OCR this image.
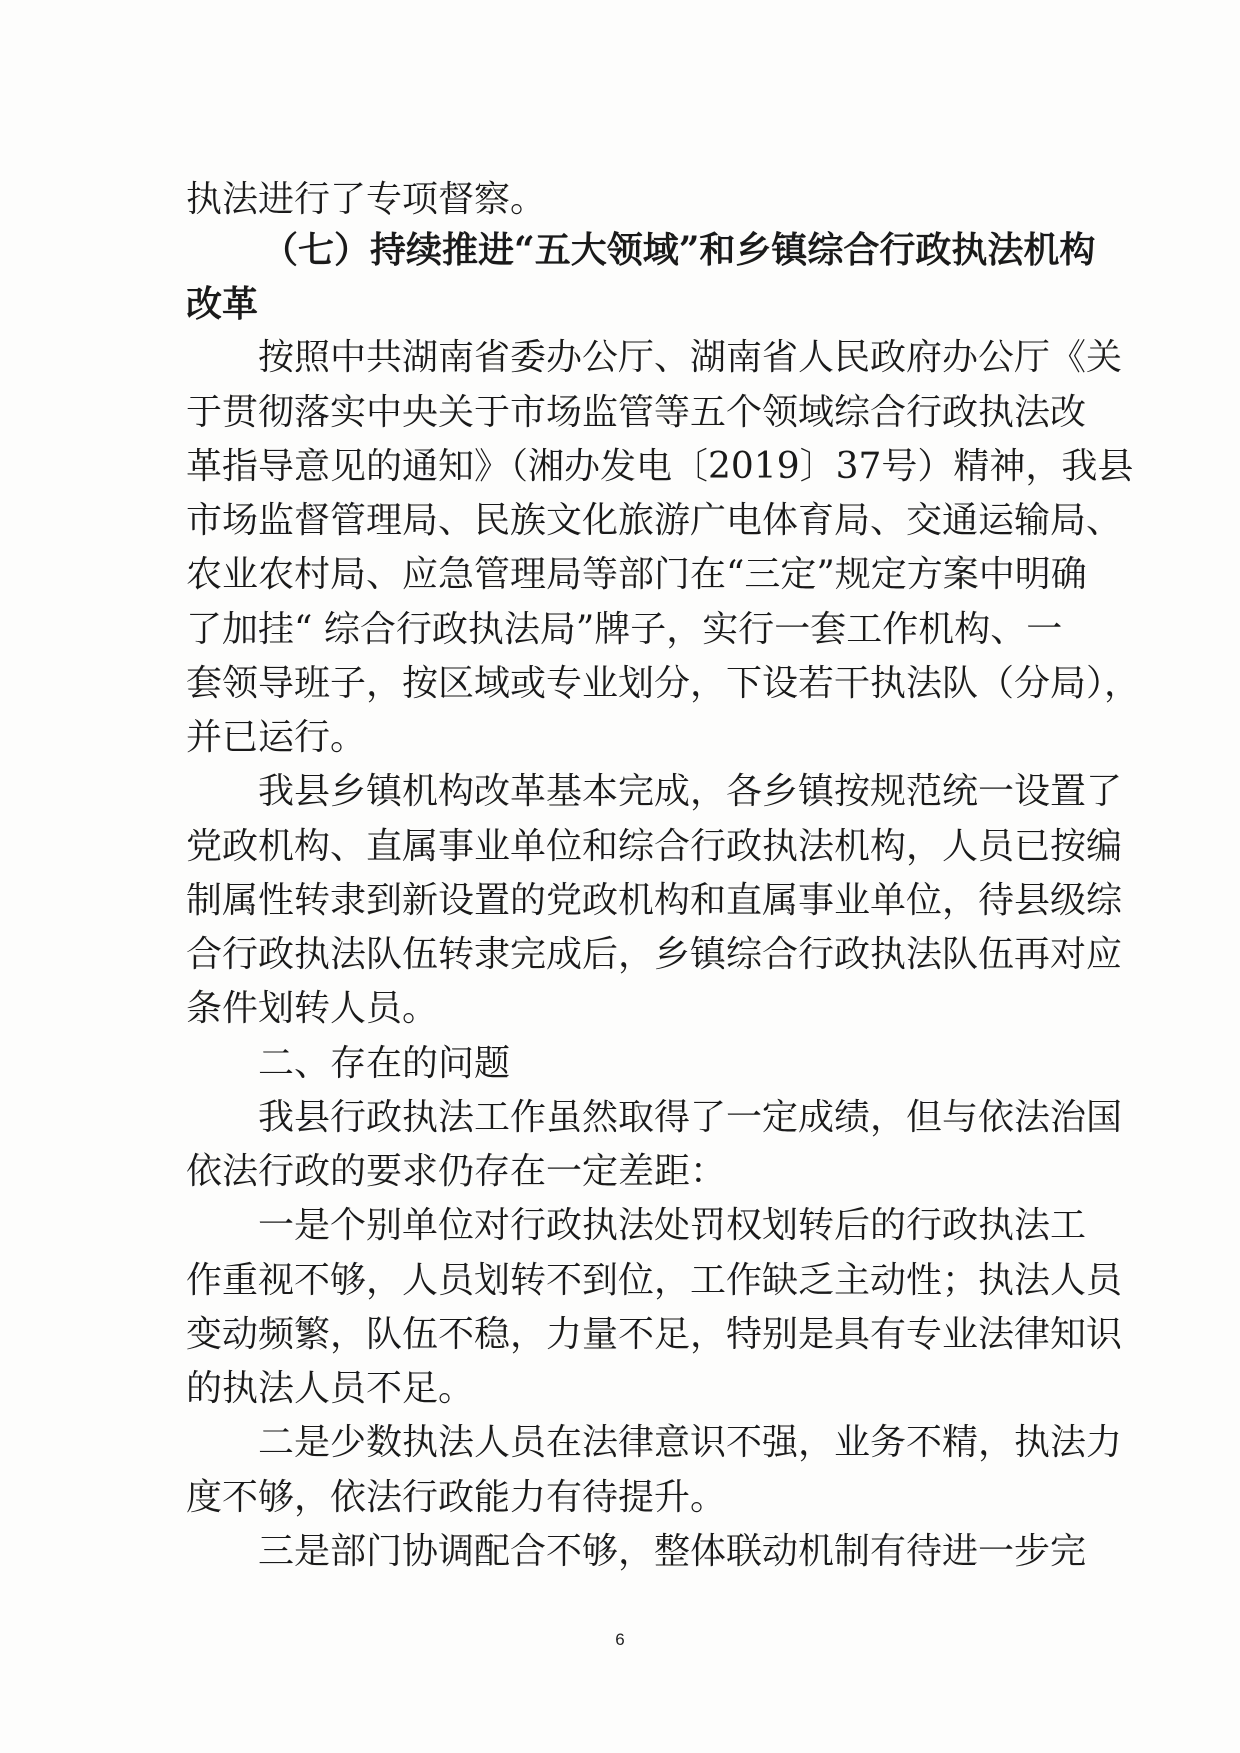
执法进行了专项督察。
（七）持续推进“五大领域”和乡镇综合行政执法机构
改革
按照中共湖南省委办公厅、湖南省人民政府办公厅《关
于贯彻落实中央关于市场监管等五个领域综合行政执法改
革指导意见的通知》（湘办发电〔2019〕37号）精神，我县
市场监督管理局、民族文化旅游广电体育局、交通运输局、
农业农村局、应急管理局等部门在“三定”规定方案中明确
了加挂“ 综合行政执法局”牌子，实行一套工作机构、一
套领导班子，按区域或专业划分，下设若干执法队（分局），
并已运行。
我县乡镇机构改革基本完成，各乡镇按规范统一设置了
党政机构、直属事业单位和综合行政执法机构，人员已按编
制属性转隶到新设置的党政机构和直属事业单位，待县级综
合行政执法队伍转隶完成后，乡镇综合行政执法队伍再对应
条件划转人员。
二、存在的问题
我县行政执法工作虽然取得了一定成绩，但与依法治国
依法行政的要求仍存在一定差距：
一是个别单位对行政执法处罚权划转后的行政执法工
作重视不够，人员划转不到位，工作缺乏主动性；执法人员
变动频繁，队伍不稳，力量不足，特别是具有专业法律知识
的执法人员不足。
二是少数执法人员在法律意识不强，业务不精，执法力
度不够，依法行政能力有待提升。
三是部门协调配合不够，整体联动机制有待进一步完
6
